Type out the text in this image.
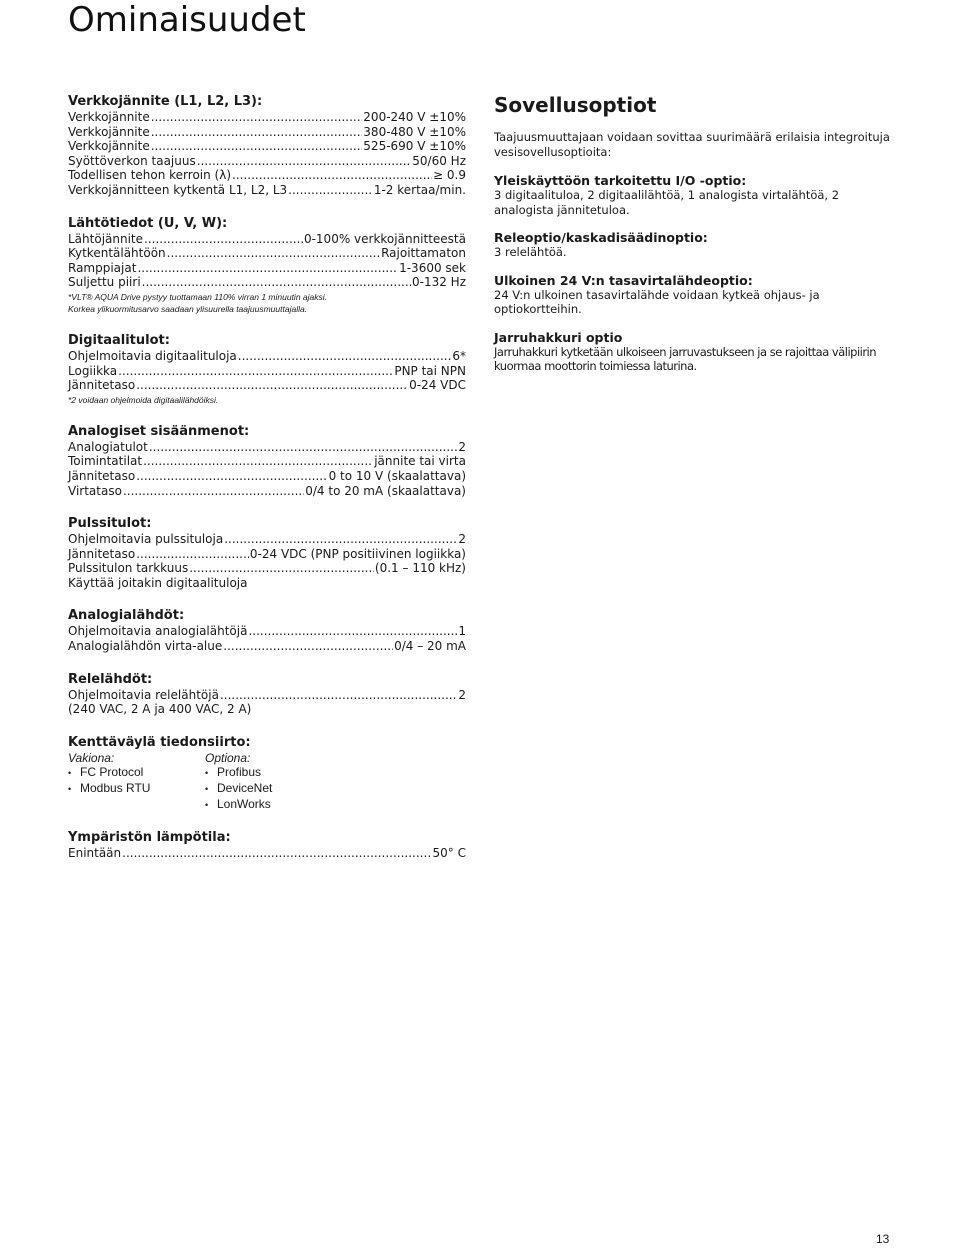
Ominaisuudet
Verkkojännite (L1, L2, L3):
Verkkojännite .....	200-240 V ±10%
Verkkojännite .....	380-480 V ±10%
Verkkojännite .....	525-690 V ±10%
Syöttöverkon taajuus .....	50/60 Hz
Todellisen tehon kerroin (λ) .....	≥ 0.9
Verkkojännitteen kytkentä L1, L2, L3 .....	1-2 kertaa/min.
Lähtötiedot (U, V, W):
Lähtöjännite .....	0-100% verkkojännitteestä
Kytkentälähtöön .....	Rajoittamaton
Ramppiajat .....	1-3600 sek
Suljettu piiri .....	0-132 Hz
*VLT® AQUA Drive pystyy tuottamaan 110% virran 1 minuutin ajaksi.
Korkea ylikuormitusarvo saadaan ylisuurella taajuusmuuttajalla.
Digitaalitulot:
Ohjelmoitavia digitaalituloja .....	6*
Logiikka .....	PNP tai NPN
Jännitetaso .....	0-24 VDC
*2 voidaan ohjelmoida digitaalilähdöiksi.
Analogiset sisäänmenot:
Analogiatulot .....	2
Toimintatilat .....	jännite tai virta
Jännitetaso .....	0 to 10 V (skaalattava)
Virtataso .....	0/4 to 20 mA (skaalattava)
Pulssitulot:
Ohjelmoitavia pulssituloja .....	2
Jännitetaso .....	0-24 VDC (PNP positiivinen logiikka)
Pulssitulon tarkkuus .....	(0.1 – 110 kHz)
Käyttää joitakin digitaalituloja
Analogialähdöt:
Ohjelmoitavia analogialähtöjä .....	1
Analogialähdön virta-alue .....	0/4 – 20 mA
Relelähdöt:
Ohjelmoitavia relelähtöjä .....	2
(240 VAC, 2 A ja 400 VAC, 2 A)
Kenttäväylä tiedonsiirto:
Vakiona:
• FC Protocol
• Modbus RTU
Optiona:
• Profibus
• DeviceNet
• LonWorks
Ympäristön lämpötila:
Enintään .....	50° C
Sovellusoptiot
Taajuusmuuttajaan voidaan sovittaa suurimäärä erilaisia integroituja vesisovellusoptioita:
Yleiskäyttöön tarkoitettu I/O -optio:
3 digitaalituloa, 2 digitaalilähtöä, 1 analogista virtalähtöä, 2 analogista jännitetuloa.
Releoptio/kaskadisäädinoptio:
3 relelähtöä.
Ulkoinen 24 V:n tasavirtalähdeoptio:
24 V:n ulkoinen tasavirtalähde voidaan kytkeä ohjaus- ja optiokortteihin.
Jarruhakkuri optio
Jarruhakkuri kytketään ulkoiseen jarruvastukseen ja se rajoittaa välipiirin kuormaa moottorin toimiessa laturina.
13
